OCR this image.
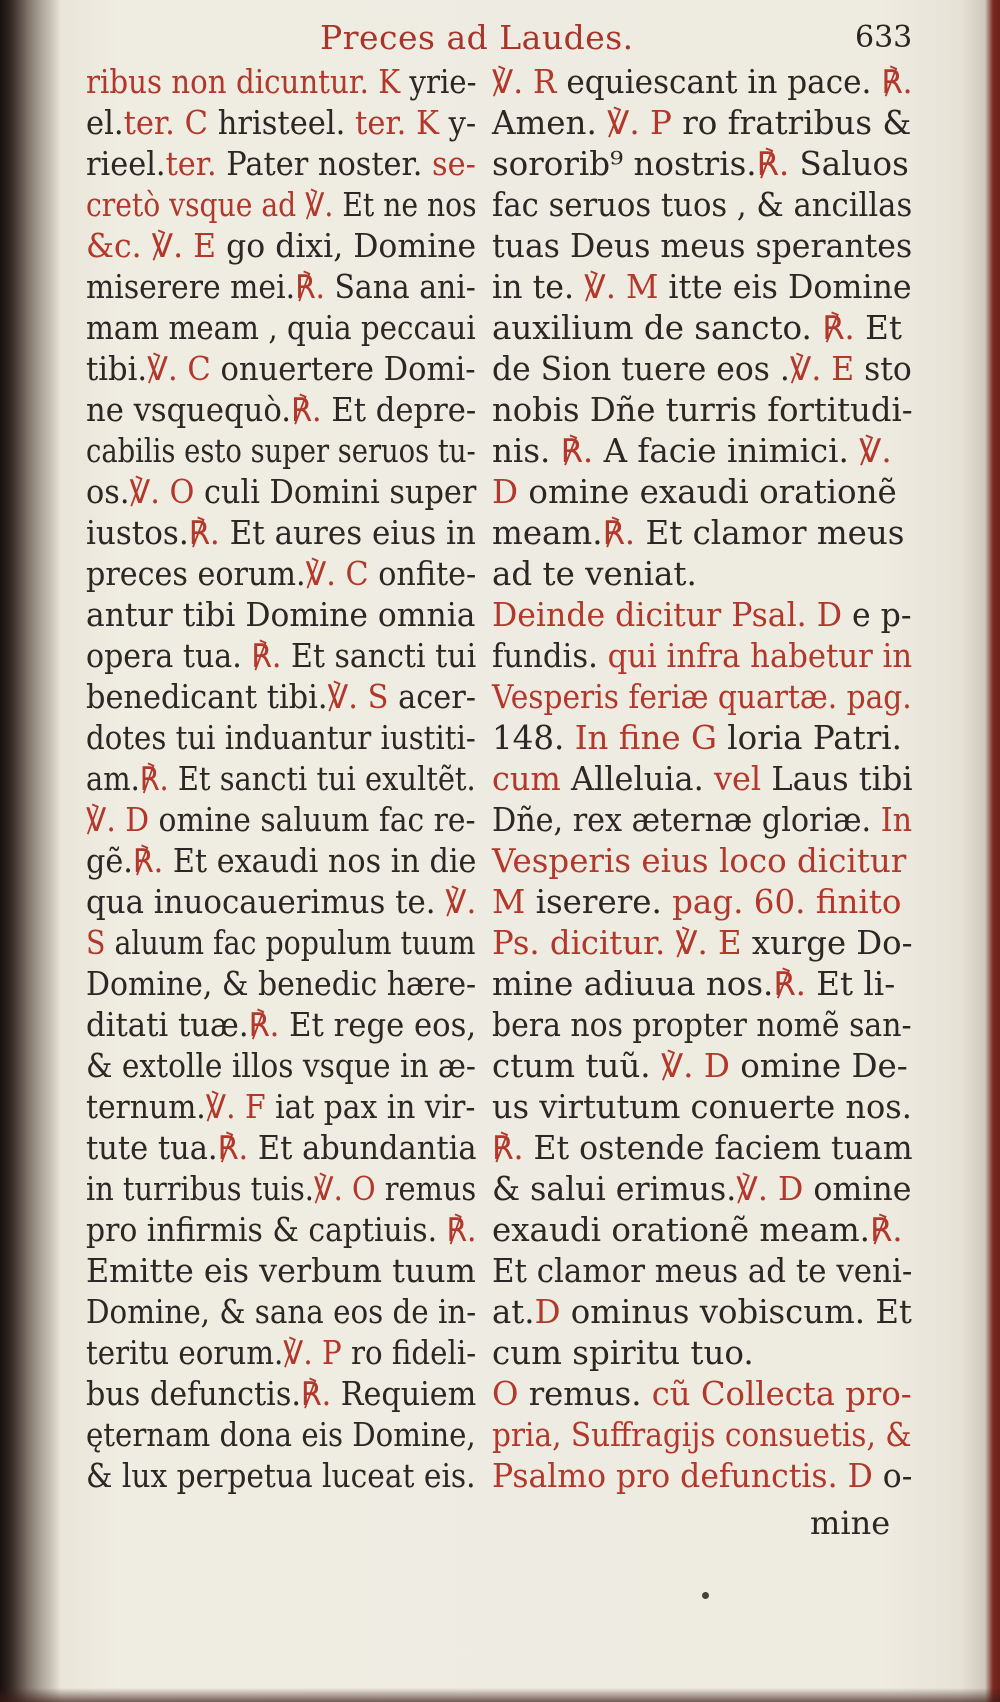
Preces ad Laudes.	633
ribus non dicuntur. K yrie-
el.ter. C hristeel. ter. K y-
rieel.ter. Pater noster. se-
cretò vsque ad ℣. Et ne nos
&c. ℣. E go dixi, Domine
miserere mei.℟. Sana ani-
mam meam , quia peccaui
tibi.℣. C onuertere Domi-
ne vsquequò.℟. Et depre-
cabilis esto super seruos tu-
os.℣. O culi Domini super
iustos.℟. Et aures eius in
preces eorum.℣. C onfite-
antur tibi Domine omnia
opera tua. ℟. Et sancti tui
benedicant tibi.℣. S acer-
dotes tui induantur iustiti-
am.℟. Et sancti tui exultẽt.
℣. D omine saluum fac re-
gẽ.℟. Et exaudi nos in die
qua inuocauerimus te. ℣.
S aluum fac populum tuum
Domine, & benedic hære-
ditati tuæ.℟. Et rege eos,
& extolle illos vsque in æ-
ternum.℣. F iat pax in vir-
tute tua.℟. Et abundantia
in turribus tuis.℣. O remus
pro infirmis & captiuis. ℟.
Emitte eis verbum tuum
Domine, & sana eos de in-
teritu eorum.℣. P ro fideli-
bus defunctis.℟. Requiem
ęternam dona eis Domine,
& lux perpetua luceat eis.
℣. R equiescant in pace. ℟.
Amen. ℣. P ro fratribus &
sororib⁹ nostris.℟. Saluos
fac seruos tuos , & ancillas
tuas Deus meus sperantes
in te. ℣. M itte eis Domine
auxilium de sancto. ℟. Et
de Sion tuere eos .℣. E sto
nobis Dñe turris fortitudi-
nis. ℟. A facie inimici. ℣.
D omine exaudi orationẽ
meam.℟. Et clamor meus
ad te veniat.
Deinde dicitur Psal. D e p-
fundis. qui infra habetur in
Vesperis feriæ quartæ. pag.
148. In fine G loria Patri.
cum Alleluia. vel Laus tibi
Dñe, rex æternæ gloriæ. In
Vesperis eius loco dicitur
M iserere. pag. 60. finito
Ps. dicitur. ℣. E xurge Do-
mine adiuua nos.℟. Et li-
bera nos propter nomẽ san-
ctum tuũ. ℣. D omine De-
us virtutum conuerte nos.
℟. Et ostende faciem tuam
& salui erimus.℣. D omine
exaudi orationẽ meam.℟.
Et clamor meus ad te veni-
at.D ominus vobiscum. Et
cum spiritu tuo.
O remus. cũ Collecta pro-
pria, Suffragijs consuetis, &
Psalmo pro defunctis. D o-
mine
